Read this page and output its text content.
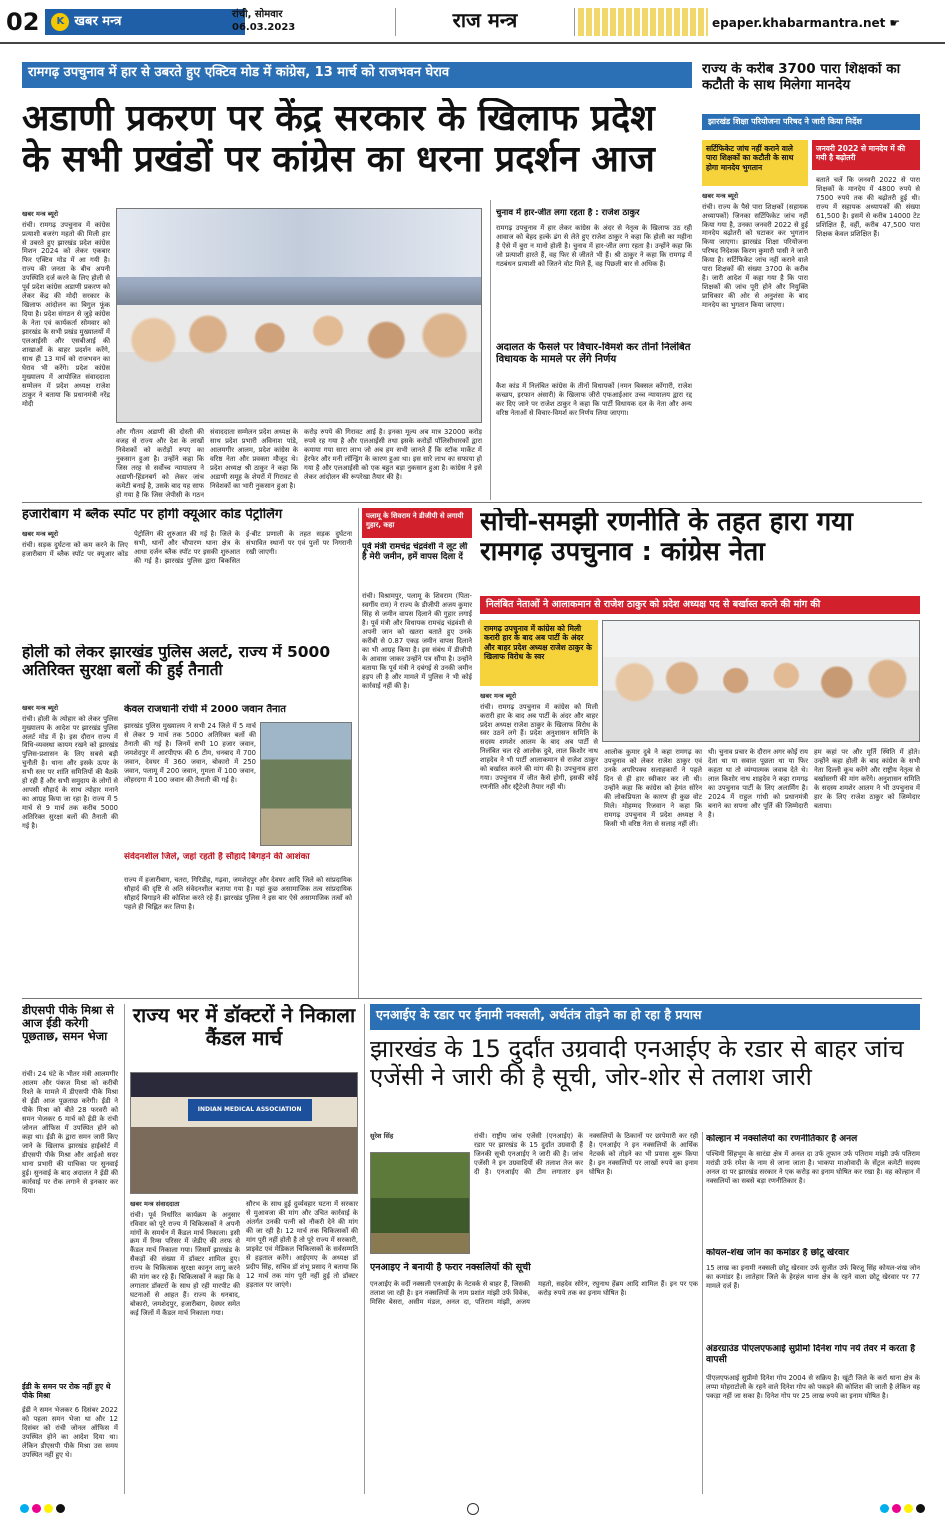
02	K खबर मन्त्र	रांची, सोमवार
06.03.2023	राज मन्त्र	epaper.khabarmantra.net ☛
रामगढ़ उपचुनाव में हार से उबरते हुए एक्टिव मोड में कांग्रेस, 13 मार्च को राजभवन घेराव
अडाणी प्रकरण पर केंद्र सरकार के खिलाफ प्रदेश के सभी प्रखंडों पर कांग्रेस का धरना प्रदर्शन आज
खबर मन्त्र ब्यूरो
रांची। रामगढ़ उपचुनाव में कांग्रेस प्रत्याशी बजरंग महतो की मिली हार से उबरते हुए झारखंड प्रदेश कांग्रेस मिशन 2024 को लेकर एकबार फिर एक्टिव मोड में आ गयी है। राज्य की जनता के बीच अपनी उपस्थिति दर्ज करने के लिए होली से पूर्व प्रदेश कांग्रेस अडाणी प्रकरण को लेकर केंद्र की मोदी सरकार के खिलाफ आंदोलन का बिगुल फूंक दिया है। प्रदेश संगठन से जुड़े कांग्रेस के नेता एवं कार्यकर्ता सोमवार को झारखंड के सभी प्रखंड मुख्यालयों में एलआईसी और एसबीआई की शाखाओं के बाहर प्रदर्शन करेंगे, साथ ही 13 मार्च को राजभवन का घेराव भी करेंगे। प्रदेश कांग्रेस मुख्यालय में आयोजित संवाददाता सम्मेलन में प्रदेश अध्यक्ष राजेश ठाकुर ने बताया कि प्रधानमंत्री नरेंद्र मोदी
और गौतम अडाणी की दोस्ती की वजह से राज्य और देश के लाखों निवेशकों को करोड़ों रुपए का नुकसान हुआ है। उन्होंने कहा कि जिस तरह से सर्वोच्च न्यायालय ने अडाणी-हिंडनबर्ग को लेकर जांच कमेटी बनाई है, उसके बाद यह साफ हो गया है कि जिस जेपीसी के गठन
संवाददाता सम्मेलन प्रदेश अध्यक्ष के साथ प्रदेश प्रभारी अविनाश पांडे, आलमगीर आलम, प्रदेश कांग्रेस के वरिष्ठ नेता और प्रवक्ता मौजूद थे। प्रदेश अध्यक्ष श्री ठाकुर ने कहा कि अडाणी समूह के शेयरों में गिरावट से निवेशकों का भारी नुकसान हुआ है।
करोड़ रुपये की गिरावट आई है। इनका मूल्य अब मात्र 32000 करोड़ रुपये रह गया है और एलआईसी तथा इसके करोड़ों पॉलिसीधारकों द्वारा कमाया गया सारा लाभ जो अब हम सभी जानते हैं कि स्टॉक मार्केट में हेरफेर और मनी लॉन्ड्रिंग के कारण हुआ था। इस सारे लाभ का सफाया हो गया है और एलआईसी को एक बहुत बड़ा नुकसान हुआ है। कांग्रेस ने इसे लेकर आंदोलन की रूपरेखा तैयार की है।
चुनाव में हार-जीत लगा रहता है : राजेश ठाकुर
रामगढ़ उपचुनाव में हार लेकर कांग्रेस के अंदर से नेतृत्व के खिलाफ उठ रही आवाज को बेहद हल्के ढंग से लेते हुए राजेश ठाकुर ने कहा कि होली का महीना है ऐसे में बुरा न मानो होली है। चुनाव में हार-जीत लगा रहता है। उन्होंने कहा कि जो प्रत्याशी हारते हैं, वह फिर से जीतते भी हैं। श्री ठाकुर ने कहा कि रामगढ़ में गठबंधन प्रत्याशी को जितने वोट मिले हैं, वह पिछली बार से अधिक हैं।
अदालत के फैसले पर विचार-विमर्श कर तीनों निलंबित विधायक के मामले पर लेंगे निर्णय
कैश कांड में निलंबित कांग्रेस के तीनों विधायकों (नमन बिक्सल कोंगारी, राजेश कच्छप, इरफान अंसारी) के खिलाफ जीरो एफआईआर उच्च न्यायालय द्वारा रद्द कर दिए जाने पर राजेश ठाकुर ने कहा कि पार्टी विधायक दल के नेता और अन्य वरिष्ठ नेताओं से विचार-विमर्श कर निर्णय लिया जाएगा।
राज्य के करीब 3700 पारा शिक्षकों का कटौती के साथ मिलेगा मानदेय
झारखंड शिक्षा परियोजना परिषद ने जारी किया निर्देश
सर्टिफिकेट जांच नहीं कराने वाले पारा शिक्षकों का कटौती के साथ होगा मानदेय भुगतान
जनवरी 2022 से मानदेय में की गयी है बढ़ोतरी
खबर मन्त्र ब्यूरो
रांची। राज्य के पैसे पारा शिक्षकों (सहायक अध्यापकों) जिनका सर्टिफिकेट जांच नहीं किया गया है, उनका जनवरी 2022 से हुई मानदेय बढ़ोतरी को घटाकर कर भुगतान किया जाएगा। झारखंड शिक्षा परियोजना परिषद निदेशक किरण कुमारी पासी ने जारी किया है। सर्टिफिकेट जांच नहीं कराने वाले पारा शिक्षकों की संख्या 3700 के करीब है। जारी आदेश में कहा गया है कि पारा शिक्षकों की जांच पूरी होने और नियुक्ति प्राधिकार की ओर से अनुशंसा के बाद मानदेय का भुगतान किया जाएगा।
बताते चलें कि जनवरी 2022 से पारा शिक्षकों के मानदेय में 4800 रुपये से 7500 रुपये तक की बढ़ोतरी हुई थी। राज्य में सहायक अध्यापकों की संख्या 61,500 है। इसमें से करीब 14000 टेट प्रशिक्षित हैं, वहीं, करीब 47,500 पारा शिक्षक केवल प्रशिक्षित हैं।
हजारीबाग में ब्लैक स्पॉट पर होगी क्यूआर कोड पेट्रोलिंग
खबर मन्त्र ब्यूरो
रांची। सड़क दुर्घटना को कम करने के लिए हजारीबाग में ब्लैक स्पॉट पर क्यूआर कोड पेट्रोलिंग की शुरुआत की गई है। जिले के सभी, थानों और चौपारण थाना क्षेत्र के आधा दर्जन ब्लैक स्पॉट पर इसकी शुरुआत की गई है। झारखंड पुलिस द्वारा बिकसित ई-बीट प्रणाली के तहत सड़क दुर्घटना संभावित स्थानों पर एवं पुलों पर निगरानी रखी जाएगी।
होली को लेकर झारखंड पुलिस अलर्ट, राज्य में 5000 अतिरिक्त सुरक्षा बलों की हुई तैनाती
खबर मन्त्र ब्यूरो
रांची। होली के त्योहार को लेकर पुलिस मुख्यालय के आदेश पर झारखंड पुलिस अलर्ट मोड में है। इस दौरान राज्य में विधि-व्यवस्था कायम रखने को झारखंड पुलिस-प्रशासन के लिए सबसे बड़ी चुनौती है। थाना और इसके ऊपर के सभी स्तर पर शांति समितियों की बैठकें हो रही हैं और सभी समुदाय के लोगों से आपसी सौहार्द के साथ त्योहार मनाने का आग्रह किया जा रहा है। राज्य में 5 मार्च से 9 मार्च तक करीब 5000 अतिरिक्त सुरक्षा बलों की तैनाती की गई है।
केवल राजधानी रांची में 2000 जवान तैनात
झारखंड पुलिस मुख्यालय ने सभी 24 जिले में 5 मार्च से लेकर 9 मार्च तक 5000 अतिरिक्त बलों की तैनाती की गई है। जिनमें सभी 10 हजार जवान, जमशेदपुर में आरपीएफ की 6 टीम, धनबाद में 700 जवान, देवघर में 360 जवान, बोकारो में 250 जवान, पलामू में 200 जवान, गुमला में 100 जवान, लोहरदगा में 100 जवान की तैनाती की गई है।
संवेदनशील जिले, जहां रहती है सौहार्द बिगड़ने की आशंका
राज्य में हजारीबाग, चतरा, गिरिडीह, गढ़वा, जमशेदपुर और देवघर आदि जिले को सांप्रदायिक सौहार्द की दृष्टि से अति संवेदनशील बताया गया है। यहां कुछ असामाजिक तत्व सांप्रदायिक सौहार्द बिगाड़ने की कोशिश करते रहे हैं। झारखंड पुलिस ने इस बार ऐसे असामाजिक तत्वों को पहले ही चिह्नित कर लिया है।
पलामू के शिवराम ने डीजीपी से लगायी गुहार, कहा
पूर्व मंत्री रामचंद्र चंद्रवंशी ने लूट ली है मेरी जमीन, हमें वापस दिला दें
रांची। विश्रामपुर, पलामू के शिवराम (पिता- स्वर्गीय राम) ने राज्य के डीजीपी अजय कुमार सिंह से जमीन वापस दिलाने की गुहार लगाई है। पूर्व मंत्री और विधायक रामचंद्र चंद्रवंशी से अपनी जान को खतरा बताते हुए उनके करीबी से 0.87 एकड़ जमीन वापस दिलाने का भी आग्रह किया है। इस संबंध में डीजीपी के आवास जाकर उन्होंने पत्र सौंपा है। उन्होंने बताया कि पूर्व मंत्री ने दबंगई से उनकी जमीन हड़प ली है और मामले में पुलिस ने भी कोई कार्रवाई नहीं की है।
सोची-समझी रणनीति के तहत हारा गया रामगढ़ उपचुनाव : कांग्रेस नेता
निलंबित नेताओं ने आलाकमान से राजेश ठाकुर को प्रदेश अध्यक्ष पद से बर्खास्त करने की मांग की
रामगढ़ उपचुनाव में कांग्रेस को मिली करारी हार के बाद अब पार्टी के अंदर और बाहर प्रदेश अध्यक्ष राजेश ठाकुर के खिलाफ विरोध के स्वर
खबर मन्त्र ब्यूरो
रांची। रामगढ़ उपचुनाव में कांग्रेस को मिली करारी हार के बाद अब पार्टी के अंदर और बाहर प्रदेश अध्यक्ष राजेश ठाकुर के खिलाफ विरोध के स्वर उठने लगे हैं। प्रदेश अनुशासन समिति के सदस्य शमशेर आलम के बाद अब पार्टी से निलंबित चल रहे आलोक दुबे, लाल किशोर नाथ शाहदेव ने भी पार्टी आलाकमान से राजेश ठाकुर को बर्खास्त करने की मांग की है। उपचुनाव हारा गया। उपचुनाव में जीत कैसे होगी, इसकी कोई रणनीति और स्ट्रैटेजी तैयार नहीं थी।
आलोक कुमार दुबे ने कहा रामगढ़ का उपचुनाव को लेकर राजेश ठाकुर एवं उनके अपरिपक्व सलाहकारों ने पहले दिन से ही हार स्वीकार कर ली थी। उन्होंने कहा कि कांग्रेस को हेमंत सोरेन की लोकप्रियता के कारण ही कुछ वोट मिले। मोहम्मद रिजवान ने कहा कि रामगढ़ उपचुनाव में प्रदेश अध्यक्ष ने किसी भी वरिष्ठ नेता से सलाह नहीं ली।
थी। चुनाव प्रचार के दौरान अगर कोई राय देता था या सवाल पूछता था या फिर कहता था तो व्यंग्यात्मक जवाब देते थे। लाल किशोर नाथ शाहदेव ने कहा रामगढ़ का उपचुनाव पार्टी के लिए अलार्मिंग है। 2024 में राहुल गांधी को प्रधानमंत्री बनाने का सपना और पूर्ति की जिम्मेदारी है।
हम कहां पर और मूर्ति स्थिति में होते। उन्होंने कहा होली के बाद कांग्रेस के सभी नेता दिल्ली कूच करेंगे और राष्ट्रीय नेतृत्व से बर्खास्तगी की मांग करेंगे। अनुशासन समिति के सदस्य शमशेर आलम ने भी उपचुनाव में हार के लिए राजेश ठाकुर को जिम्मेदार बताया।
डीएसपी पीके मिश्रा से आज ईडी करेगी पूछताछ, समन भेजा
रांची। 24 घंटे के भीतर मंत्री आलमगीर आलम और पंकज मिश्रा को करीबी रिश्ते के मामले में डीएसपी पीके मिश्रा से ईडी आज पूछताछ करेगी। ईडी ने पीके मिश्रा को बीते 28 फरवरी को समन भेजकर 6 मार्च को ईडी के रांची जोनल ऑफिस में उपस्थित होने को कहा था। ईडी के द्वारा समन जारी किए जाने के खिलाफ झारखंड हाईकोर्ट में डीएसपी पीके मिश्रा और आईओ सदर थाना प्रभारी की याचिका पर सुनवाई हुई। सुनवाई के बाद अदालत ने ईडी की कार्रवाई पर रोक लगाने से इनकार कर दिया।
ईडी के समन पर रोक नहीं हुए थे पीके मिश्रा
ईडी ने समन भेजकर 6 दिसंबर 2022 को पहला समन भेजा था और 12 दिसंबर को रांची जोनल ऑफिस में उपस्थित होने का आदेश दिया था। लेकिन डीएसपी पीके मिश्रा उस समय उपस्थित नहीं हुए थे।
राज्य भर में डॉक्टरों ने निकाला कैंडल मार्च
INDIAN MEDICAL ASSOCIATION
खबर मन्त्र संवाददाता
रांची। पूर्व निर्धारित कार्यक्रम के अनुसार रविवार को पूरे राज्य में चिकित्सकों ने अपनी मांगों के समर्थन में कैंडल मार्च निकाला। इसी क्रम में रिम्स परिसर में जेडीए की तरफ से कैंडल मार्च निकाला गया। जिसमें झारखंड के सैकड़ों की संख्या में डॉक्टर शामिल हुए। राज्य के चिकित्सक सुरक्षा कानून लागू करने की मांग कर रहे हैं। चिकित्सकों ने कहा कि वे लगातार डॉक्टरों के साथ हो रही मारपीट की घटनाओं से आहत हैं। राज्य के धनबाद, बोकारो, जमशेदपुर, हजारीबाग, देवघर समेत कई जिलों में कैंडल मार्च निकाला गया।
सौरभ के साथ हुई दुर्व्यवहार घटना में सरकार से मुआवजा की मांग और उचित कार्रवाई के अंतर्गत उनकी पत्नी को नौकरी देने की मांग की जा रही है। 12 मार्च तक चिकित्सकों की मांग पूरी नहीं होती है तो पूरे राज्य में सरकारी, प्राइवेट एवं मेडिकल चिकित्सकों के सर्वसम्मति से हड़ताल करेंगे। आईएमए के अध्यक्ष डॉ प्रदीप सिंह, सचिव डॉ शंभू प्रसाद ने बताया कि 12 मार्च तक मांग पूरी नहीं हुई तो डॉक्टर हड़ताल पर जाएंगे।
एनआईए के रडार पर ईनामी नक्सली, अर्थतंत्र तोड़ने का हो रहा है प्रयास
झारखंड के 15 दुर्दांत उग्रवादी एनआईए के रडार से बाहर जांच एजेंसी ने जारी की है सूची, जोर-शोर से तलाश जारी
सुरेश सिंह	रांची। राष्ट्रीय जांच एजेंसी (एनआईए) के रडार पर झारखंड के 15 दुर्दांत उग्रवादी हैं जिनकी सूची एनआईए ने जारी की है। जांच एजेंसी ने इन उग्रवादियों की तलाश तेज कर दी है। एनआईए की टीम लगातार इन नक्सलियों के ठिकानों पर छापेमारी कर रही है। एनआईए ने इन नक्सलियों के आर्थिक नेटवर्क को तोड़ने का भी प्रयास शुरू किया है। इन नक्सलियों पर लाखों रुपये का इनाम घोषित है।
एनआइए ने बनायी है फरार नक्सलियों की सूची
एनआईए के वर्दी नक्सली एनआईए के नेटवर्क से बाहर हैं, जिसकी तलाश जा रही है। इन नक्सलियों के नाम प्रशांत मांझी उर्फ विवेक, मिसिर बेसरा, असीम मंडल, अनल दा, पतिराम मांझी, अजय महतो, सहदेव सोरेन, रघुनाथ हेंब्रम आदि शामिल हैं। इन पर एक करोड़ रुपये तक का इनाम घोषित है।
कोल्हान में नक्सलियों का रणनीतिकार है अनल
पश्चिमी सिंहभूम के सारंडा क्षेत्र में अनल दा उर्फ तूफान उर्फ पतिराम मांझी उर्फ पतिराम मरांडी उर्फ रमेश के नाम से जाना जाता है। भाकपा माओवादी के सेंट्रल कमेटी सदस्य अनल दा पर झारखंड सरकार ने एक करोड़ का इनाम घोषित कर रखा है। वह कोल्हान में नक्सलियों का सबसे बड़ा रणनीतिकार है।
कोयल-शंख जोन का कमांडर है छोटू खेरवार
15 लाख का इनामी नक्सली छोटू खेरवार उर्फ सुजीत उर्फ बिरजू सिंह कोयल-शंख जोन का कमांडर है। लातेहार जिले के हेरहंज थाना क्षेत्र के रहने वाला छोटू खेरवार पर 77 मामले दर्ज हैं।
अंडरग्राउंड पीएलएफआई सुप्रीमो दिनेश गोप नये तेवर में करता है वापसी
पीएलएफआई सुप्रीमो दिनेश गोप 2004 से सक्रिय है। खूंटी जिले के कर्रा थाना क्षेत्र के लप्पा मोहराटोली के रहने वाले दिनेश गोप को पकड़ने की कोशिश की जाती है लेकिन वह पकड़ा नहीं जा सका है। दिनेश गोप पर 25 लाख रुपये का इनाम घोषित है।
